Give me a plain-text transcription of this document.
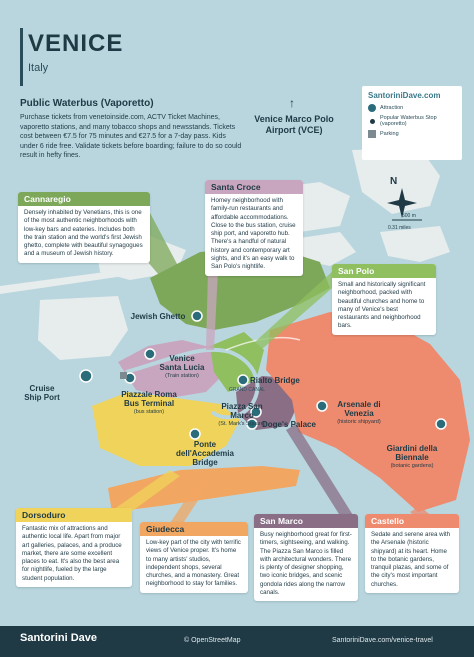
VENICE
Italy
Public Waterbus (Vaporetto)
Purchase tickets from venetoinside.com, ACTV Ticket Machines, vaporetto stations, and many tobacco shops and newsstands. Tickets cost between €7.5 for 75 minutes and €27.5 for a 7-day pass. Kids under 6 ride free. Validate tickets before boarding; failure to do so could result in hefty fines.
↑
Venice Marco Polo Airport (VCE)
SantoriniDave.com
Attraction
Popular Waterbus Stop (vaporetto)
Parking
N
500 m
0.31 miles
Cannaregio
Densely inhabited by Venetians, this is one of the most authentic neighborhoods with low-key bars and eateries. Includes both the train station and the world's first Jewish ghetto, complete with beautiful synagogues and a museum of Jewish history.
Santa Croce
Homey neighborhood with family-run restaurants and affordable accommodations. Close to the bus station, cruise ship port, and vaporetto hub. There's a handful of natural history and contemporary art sights, and it's an easy walk to San Polo's nightlife.	San Polo
Small and historically significant neighborhood, packed with beautiful churches and home to many of Venice's best restaurants and neighborhood bars.
Dorsoduro
Fantastic mix of attractions and authentic local life. Apart from major art galleries, palaces, and a produce market, there are some excellent places to eat. It's also the best area for nightlife, fueled by the large student population.
Giudecca
Low-key part of the city with terrific views of Venice proper. It's home to many artists' studios, independent shops, several churches, and a monastery. Great neighborhood to stay for families.
San Marco
Busy neighborhood great for first-timers, sightseeing, and walking. The Piazza San Marco is filled with architectural wonders. There is plenty of designer shopping, two iconic bridges, and scenic gondola rides along the narrow canals.
Castello
Sedate and serene area with the Arsenale (historic shipyard) at its heart. Home to the botanic gardens, tranquil plazas, and some of the city's most important churches.
Jewish Ghetto
Venice Santa Lucia
(Train station)
Piazzale Roma Bus Terminal
(bus station)
Cruise Ship Port
Rialto Bridge
Piazza San Marco
(St. Mark's Square)
Doge's Palace
Arsenale di Venezia
(historic shipyard)
Giardini della Biennale
(botanic gardens)
Ponte dell'Accademia Bridge
GRAND CANAL
Santorini Dave	© OpenStreetMap	SantoriniDave.com/venice-travel
